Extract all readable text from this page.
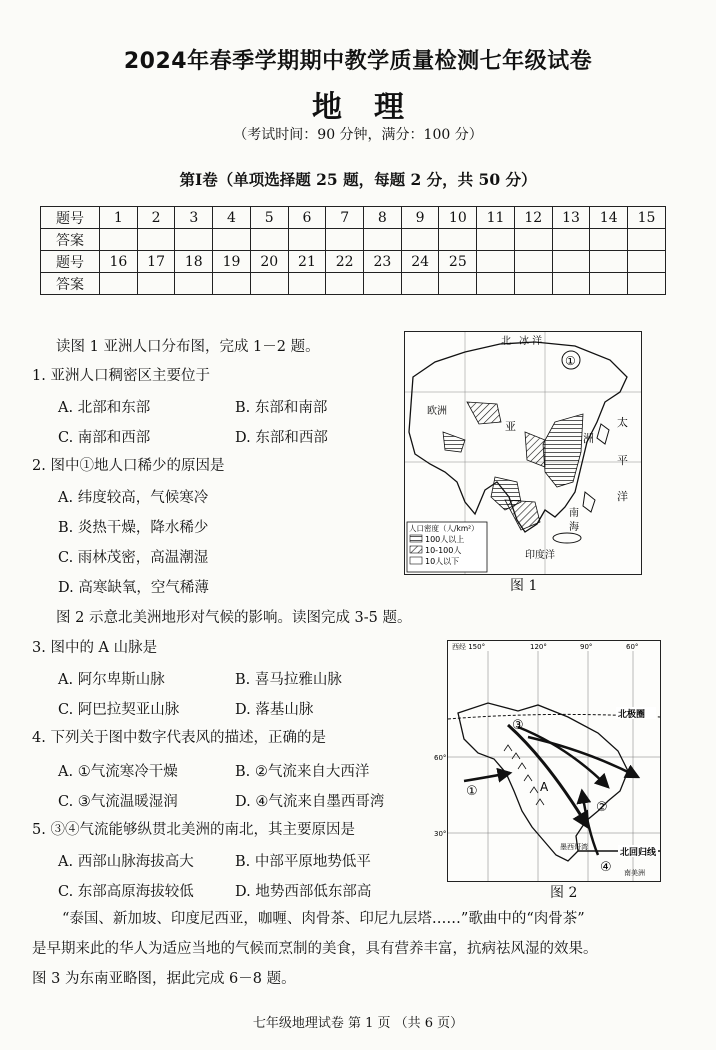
2024年春季学期期中教学质量检测七年级试卷
地理
（考试时间：90 分钟，满分：100 分）
第Ⅰ卷（单项选择题 25 题，每题 2 分，共 50 分）
题号	1	2	3	4	5	6	7	8	9	10	11	12	13	14	15
答案															
题号	16	17	18	19	20	21	22	23	24	25					
答案															
读图 1 亚洲人口分布图，完成 1－2 题。
1. 亚洲人口稠密区主要位于
A. 北部和东部	B. 东部和南部
C. 南部和西部	D. 东部和西部
2. 图中①地人口稀少的原因是
A. 纬度较高，气候寒冷
B. 炎热干燥，降水稀少
C. 雨林茂密，高温潮湿
D. 高寒缺氧，空气稀薄
北 冰 洋
①
欧洲
亚
洲
太
平
洋
南
海
印度洋
人口密度（人/km²）
100人以上
10-100人
10人以下
图 1
图 2 示意北美洲地形对气候的影响。读图完成 3-5 题。
3. 图中的 A 山脉是
A. 阿尔卑斯山脉	B. 喜马拉雅山脉
C. 阿巴拉契亚山脉	D. 落基山脉
4. 下列关于图中数字代表风的描述，正确的是
A. ①气流寒冷干燥	B. ②气流来自大西洋
C. ③气流温暖湿润	D. ④气流来自墨西哥湾
5. ③④气流能够纵贯北美洲的南北，其主要原因是
A. 西部山脉海拔高大	B. 中部平原地势低平
C. 东部高原海拔较低	D. 地势西部低东部高
西经 150°	120°	90°	60°
60°
30°
北极圈
北回归线
南美洲
墨西哥湾
①
②
③
④
A
图 2
“泰国、新加坡、印度尼西亚，咖喱、肉骨茶、印尼九层塔……”歌曲中的“肉骨茶”
是早期来此的华人为适应当地的气候而烹制的美食，具有营养丰富，抗病祛风湿的效果。
图 3 为东南亚略图，据此完成 6－8 题。
七年级地理试卷 第 1 页 （共 6 页）
